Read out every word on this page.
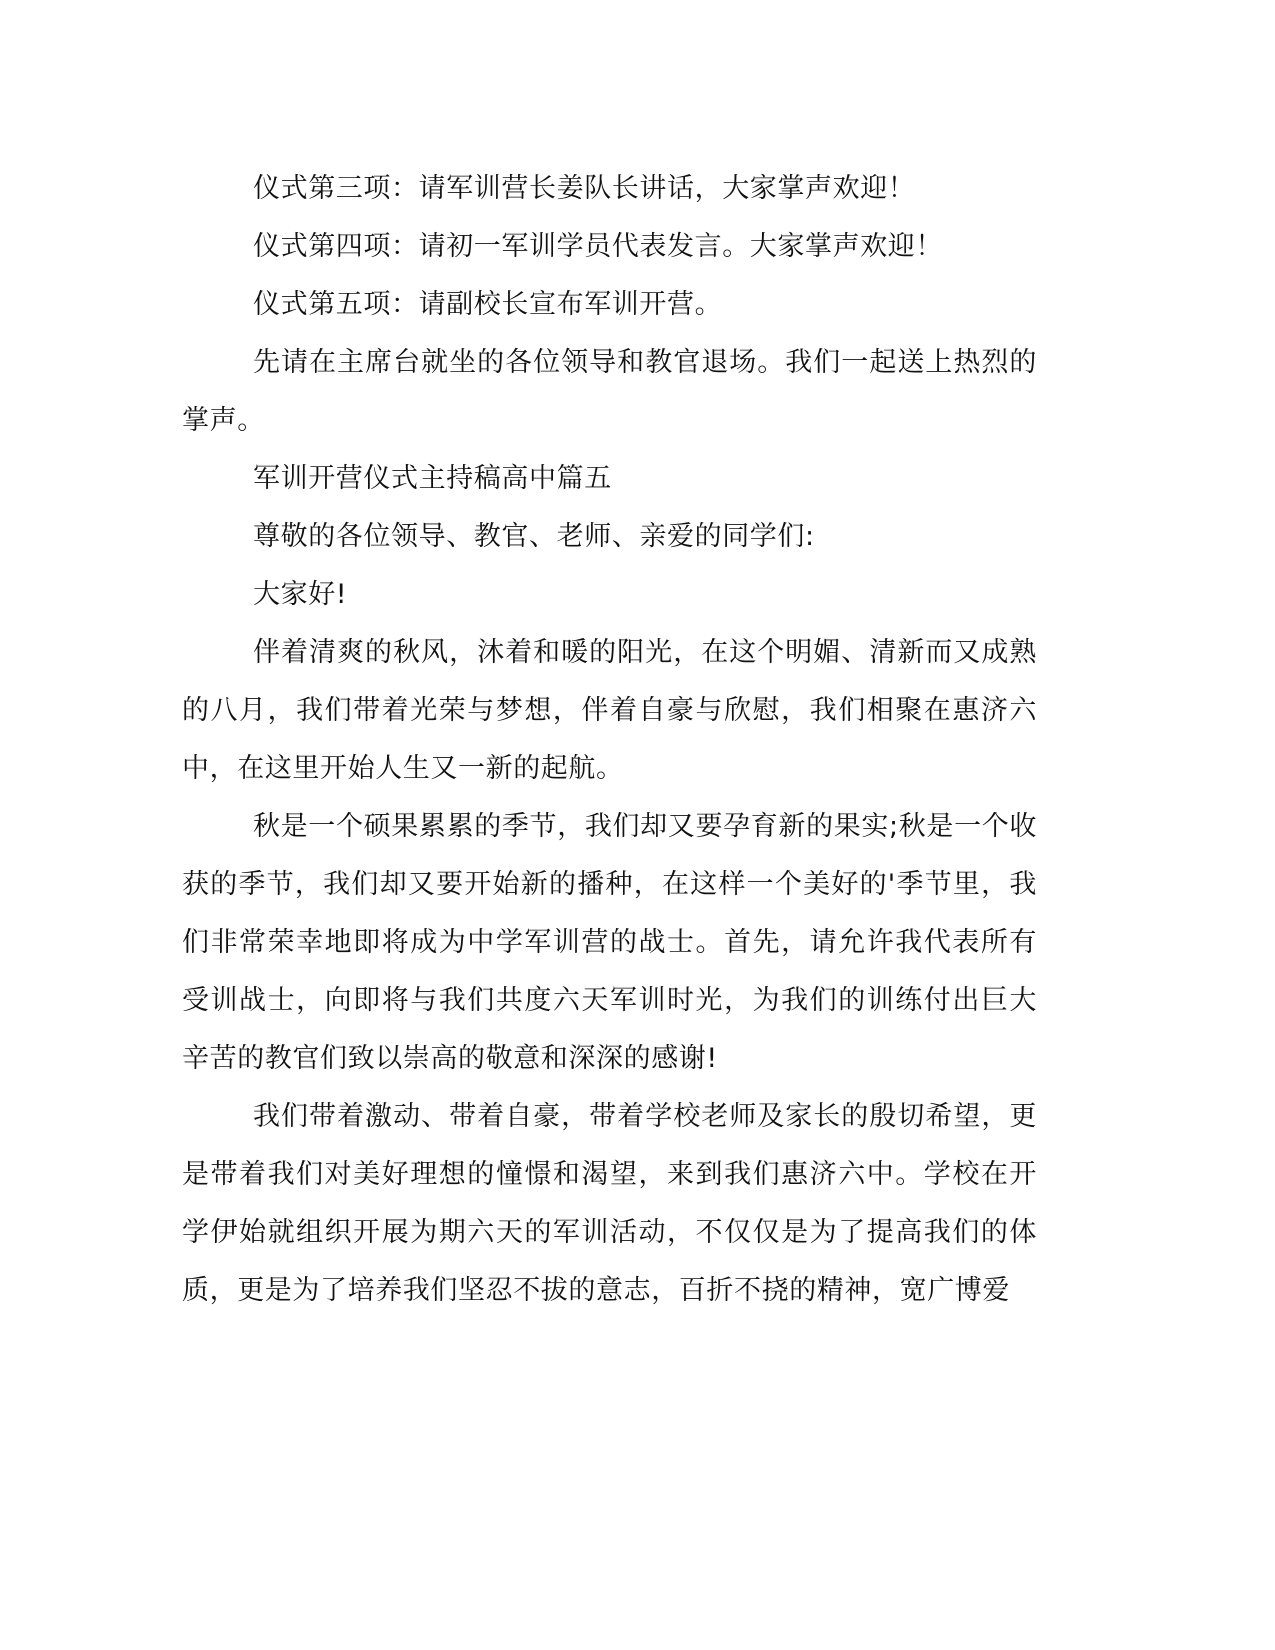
仪式第三项：请军训营长姜队长讲话，大家掌声欢迎！

仪式第四项：请初一军训学员代表发言。大家掌声欢迎！

仪式第五项：请副校长宣布军训开营。

先请在主席台就坐的各位领导和教官退场。我们一起送上热烈的掌声。

军训开营仪式主持稿高中篇五

尊敬的各位领导、教官、老师、亲爱的同学们:

大家好!

伴着清爽的秋风，沐着和暖的阳光，在这个明媚、清新而又成熟的八月，我们带着光荣与梦想，伴着自豪与欣慰，我们相聚在惠济六中，在这里开始人生又一新的起航。

秋是一个硕果累累的季节，我们却又要孕育新的果实;秋是一个收获的季节，我们却又要开始新的播种，在这样一个美好的'季节里，我们非常荣幸地即将成为中学军训营的战士。首先，请允许我代表所有受训战士，向即将与我们共度六天军训时光，为我们的训练付出巨大辛苦的教官们致以崇高的敬意和深深的感谢!

我们带着激动、带着自豪，带着学校老师及家长的殷切希望，更是带着我们对美好理想的憧憬和渴望，来到我们惠济六中。学校在开学伊始就组织开展为期六天的军训活动，不仅仅是为了提高我们的体质，更是为了培养我们坚忍不拔的意志，百折不挠的精神，宽广博爱
